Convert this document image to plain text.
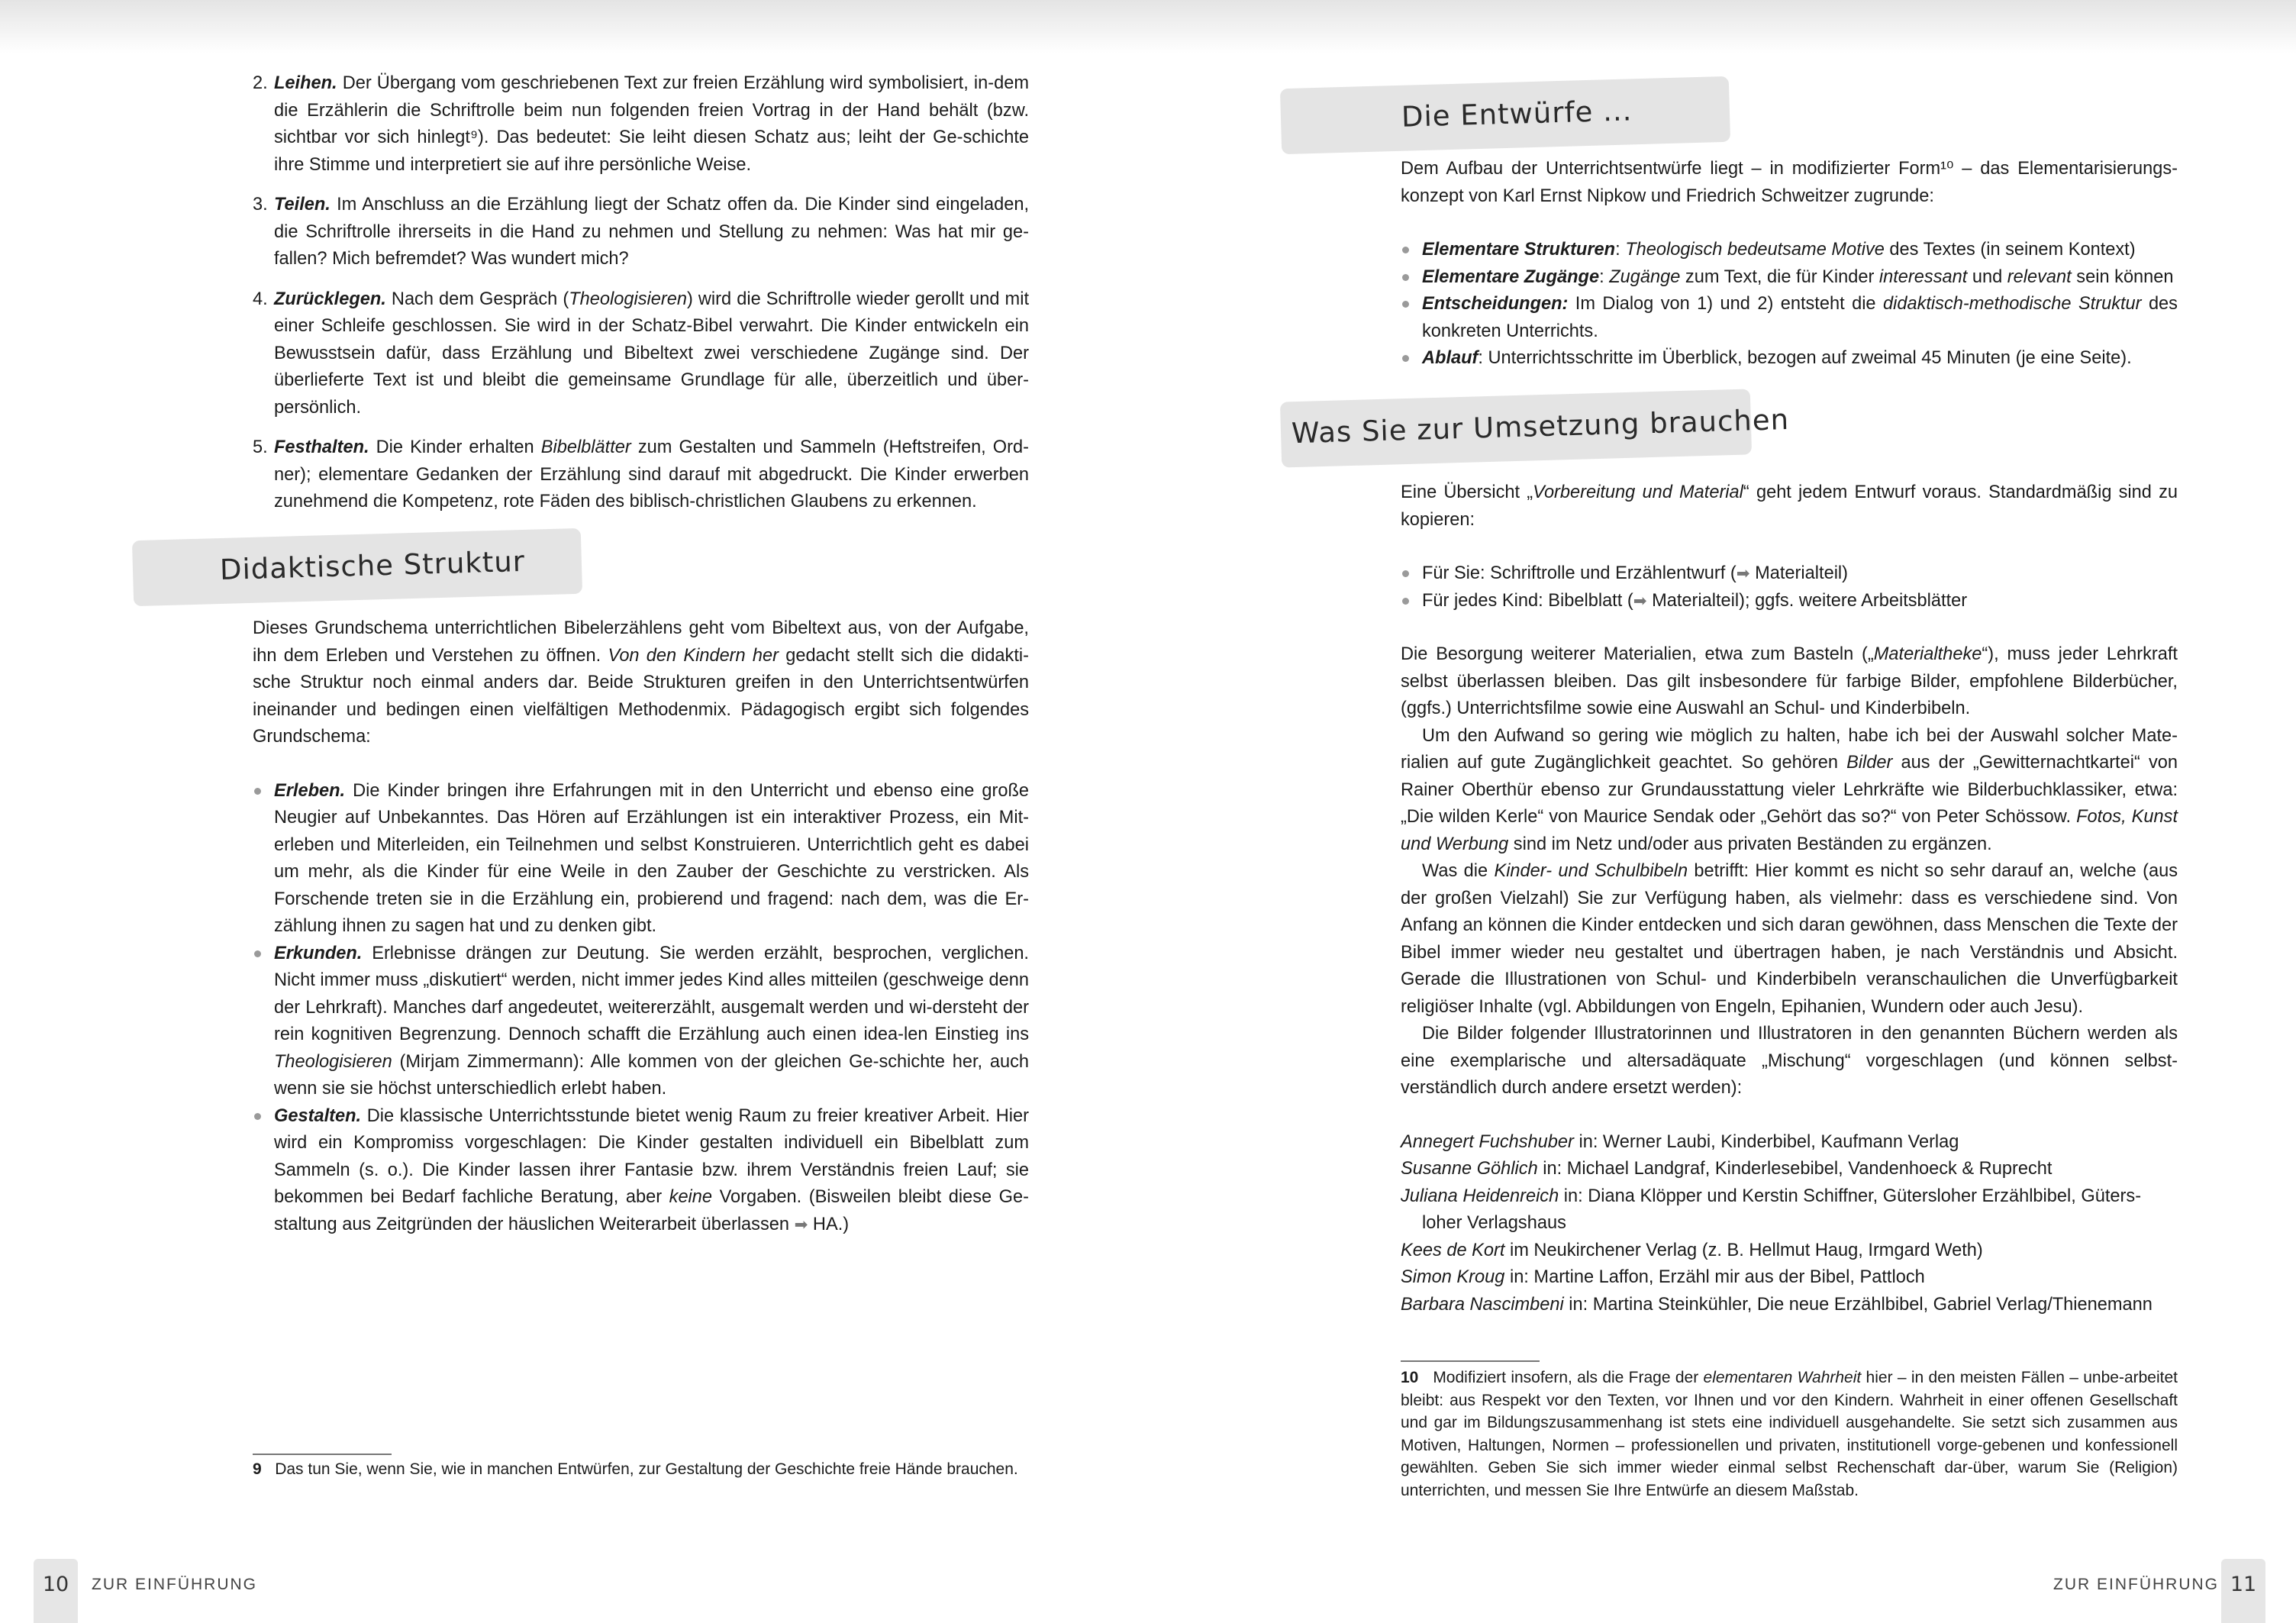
2. Leihen. Der Übergang vom geschriebenen Text zur freien Erzählung wird symbolisiert, in-dem die Erzählerin die Schriftrolle beim nun folgenden freien Vortrag in der Hand behält (bzw. sichtbar vor sich hinlegt⁹). Das bedeutet: Sie leiht diesen Schatz aus; leiht der Ge-schichte ihre Stimme und interpretiert sie auf ihre persönliche Weise.

3. Teilen. Im Anschluss an die Erzählung liegt der Schatz offen da. Die Kinder sind eingeladen, die Schriftrolle ihrerseits in die Hand zu nehmen und Stellung zu nehmen: Was hat mir ge-fallen? Mich befremdet? Was wundert mich?

4. Zurücklegen. Nach dem Gespräch (Theologisieren) wird die Schriftrolle wieder gerollt und mit einer Schleife geschlossen. Sie wird in der Schatz-Bibel verwahrt. Die Kinder entwickeln ein Bewusstsein dafür, dass Erzählung und Bibeltext zwei verschiedene Zugänge sind. Der überlieferte Text ist und bleibt die gemeinsame Grundlage für alle, überzeitlich und über-persönlich.

5. Festhalten. Die Kinder erhalten Bibelblätter zum Gestalten und Sammeln (Heftstreifen, Ord-ner); elementare Gedanken der Erzählung sind darauf mit abgedruckt. Die Kinder erwerben zunehmend die Kompetenz, rote Fäden des biblisch-christlichen Glaubens zu erkennen.

Didaktische Struktur

Dieses Grundschema unterrichtlichen Bibelerzählens geht vom Bibeltext aus, von der Aufgabe, ihn dem Erleben und Verstehen zu öffnen. Von den Kindern her gedacht stellt sich die didakti-sche Struktur noch einmal anders dar. Beide Strukturen greifen in den Unterrichtsentwürfen ineinander und bedingen einen vielfältigen Methodenmix. Pädagogisch ergibt sich folgendes Grundschema:

Erleben. Die Kinder bringen ihre Erfahrungen mit in den Unterricht und ebenso eine große Neugier auf Unbekanntes. Das Hören auf Erzählungen ist ein interaktiver Prozess, ein Mit-erleben und Miterleiden, ein Teilnehmen und selbst Konstruieren. Unterrichtlich geht es dabei um mehr, als die Kinder für eine Weile in den Zauber der Geschichte zu verstricken. Als Forschende treten sie in die Erzählung ein, probierend und fragend: nach dem, was die Er-zählung ihnen zu sagen hat und zu denken gibt.

Erkunden. Erlebnisse drängen zur Deutung. Sie werden erzählt, besprochen, verglichen. Nicht immer muss „diskutiert“ werden, nicht immer jedes Kind alles mitteilen (geschweige denn der Lehrkraft). Manches darf angedeutet, weitererzählt, ausgemalt werden und wi-dersteht der rein kognitiven Begrenzung. Dennoch schafft die Erzählung auch einen idea-len Einstieg ins Theologisieren (Mirjam Zimmermann): Alle kommen von der gleichen Ge-schichte her, auch wenn sie sie höchst unterschiedlich erlebt haben.

Gestalten. Die klassische Unterrichtsstunde bietet wenig Raum zu freier kreativer Arbeit. Hier wird ein Kompromiss vorgeschlagen: Die Kinder gestalten individuell ein Bibelblatt zum Sammeln (s. o.). Die Kinder lassen ihrer Fantasie bzw. ihrem Verständnis freien Lauf; sie bekommen bei Bedarf fachliche Beratung, aber keine Vorgaben. (Bisweilen bleibt diese Ge-staltung aus Zeitgründen der häuslichen Weiterarbeit überlassen ➡ HA.)

9 Das tun Sie, wenn Sie, wie in manchen Entwürfen, zur Gestaltung der Geschichte freie Hände brauchen.

10	ZUR EINFÜHRUNG
Die Entwürfe ...

Dem Aufbau der Unterrichtsentwürfe liegt – in modifizierter Form¹⁰ – das Elementarisierungs-konzept von Karl Ernst Nipkow und Friedrich Schweitzer zugrunde:

Elementare Strukturen: Theologisch bedeutsame Motive des Textes (in seinem Kontext)

Elementare Zugänge: Zugänge zum Text, die für Kinder interessant und relevant sein können

Entscheidungen: Im Dialog von 1) und 2) entsteht die didaktisch-methodische Struktur des konkreten Unterrichts.

Ablauf: Unterrichtsschritte im Überblick, bezogen auf zweimal 45 Minuten (je eine Seite).

Was Sie zur Umsetzung brauchen

Eine Übersicht „Vorbereitung und Material“ geht jedem Entwurf voraus. Standardmäßig sind zu kopieren:

Für Sie: Schriftrolle und Erzählentwurf (➡ Materialteil)

Für jedes Kind: Bibelblatt (➡ Materialteil); ggfs. weitere Arbeitsblätter

Die Besorgung weiterer Materialien, etwa zum Basteln („Materialtheke“), muss jeder Lehrkraft selbst überlassen bleiben. Das gilt insbesondere für farbige Bilder, empfohlene Bilderbücher, (ggfs.) Unterrichtsfilme sowie eine Auswahl an Schul- und Kinderbibeln.

Um den Aufwand so gering wie möglich zu halten, habe ich bei der Auswahl solcher Mate-rialien auf gute Zugänglichkeit geachtet. So gehören Bilder aus der „Gewitternachtkartei“ von Rainer Oberthür ebenso zur Grundausstattung vieler Lehrkräfte wie Bilderbuchklassiker, etwa: „Die wilden Kerle“ von Maurice Sendak oder „Gehört das so?“ von Peter Schössow. Fotos, Kunst und Werbung sind im Netz und/oder aus privaten Beständen zu ergänzen.

Was die Kinder- und Schulbibeln betrifft: Hier kommt es nicht so sehr darauf an, welche (aus der großen Vielzahl) Sie zur Verfügung haben, als vielmehr: dass es verschiedene sind. Von Anfang an können die Kinder entdecken und sich daran gewöhnen, dass Menschen die Texte der Bibel immer wieder neu gestaltet und übertragen haben, je nach Verständnis und Absicht. Gerade die Illustrationen von Schul- und Kinderbibeln veranschaulichen die Unverfügbarkeit religiöser Inhalte (vgl. Abbildungen von Engeln, Epihanien, Wundern oder auch Jesu).

Die Bilder folgender Illustratorinnen und Illustratoren in den genannten Büchern werden als eine exemplarische und altersadäquate „Mischung“ vorgeschlagen (und können selbst-verständlich durch andere ersetzt werden):

Annegert Fuchshuber in: Werner Laubi, Kinderbibel, Kaufmann Verlag

Susanne Göhlich in: Michael Landgraf, Kinderlesebibel, Vandenhoeck & Ruprecht

Juliana Heidenreich in: Diana Klöpper und Kerstin Schiffner, Gütersloher Erzählbibel, Güters-loher Verlagshaus

Kees de Kort im Neukirchener Verlag (z. B. Hellmut Haug, Irmgard Weth)

Simon Kroug in: Martine Laffon, Erzähl mir aus der Bibel, Pattloch

Barbara Nascimbeni in: Martina Steinkühler, Die neue Erzählbibel, Gabriel Verlag/Thienemann

10 Modifiziert insofern, als die Frage der elementaren Wahrheit hier – in den meisten Fällen – unbe-arbeitet bleibt: aus Respekt vor den Texten, vor Ihnen und vor den Kindern. Wahrheit in einer offenen Gesellschaft und gar im Bildungszusammenhang ist stets eine individuell ausgehandelte. Sie setzt sich zusammen aus Motiven, Haltungen, Normen – professionellen und privaten, institutionell vorge-gebenen und konfessionell gewählten. Geben Sie sich immer wieder einmal selbst Rechenschaft dar-über, warum Sie (Religion) unterrichten, und messen Sie Ihre Entwürfe an diesem Maßstab.

ZUR EINFÜHRUNG 11
